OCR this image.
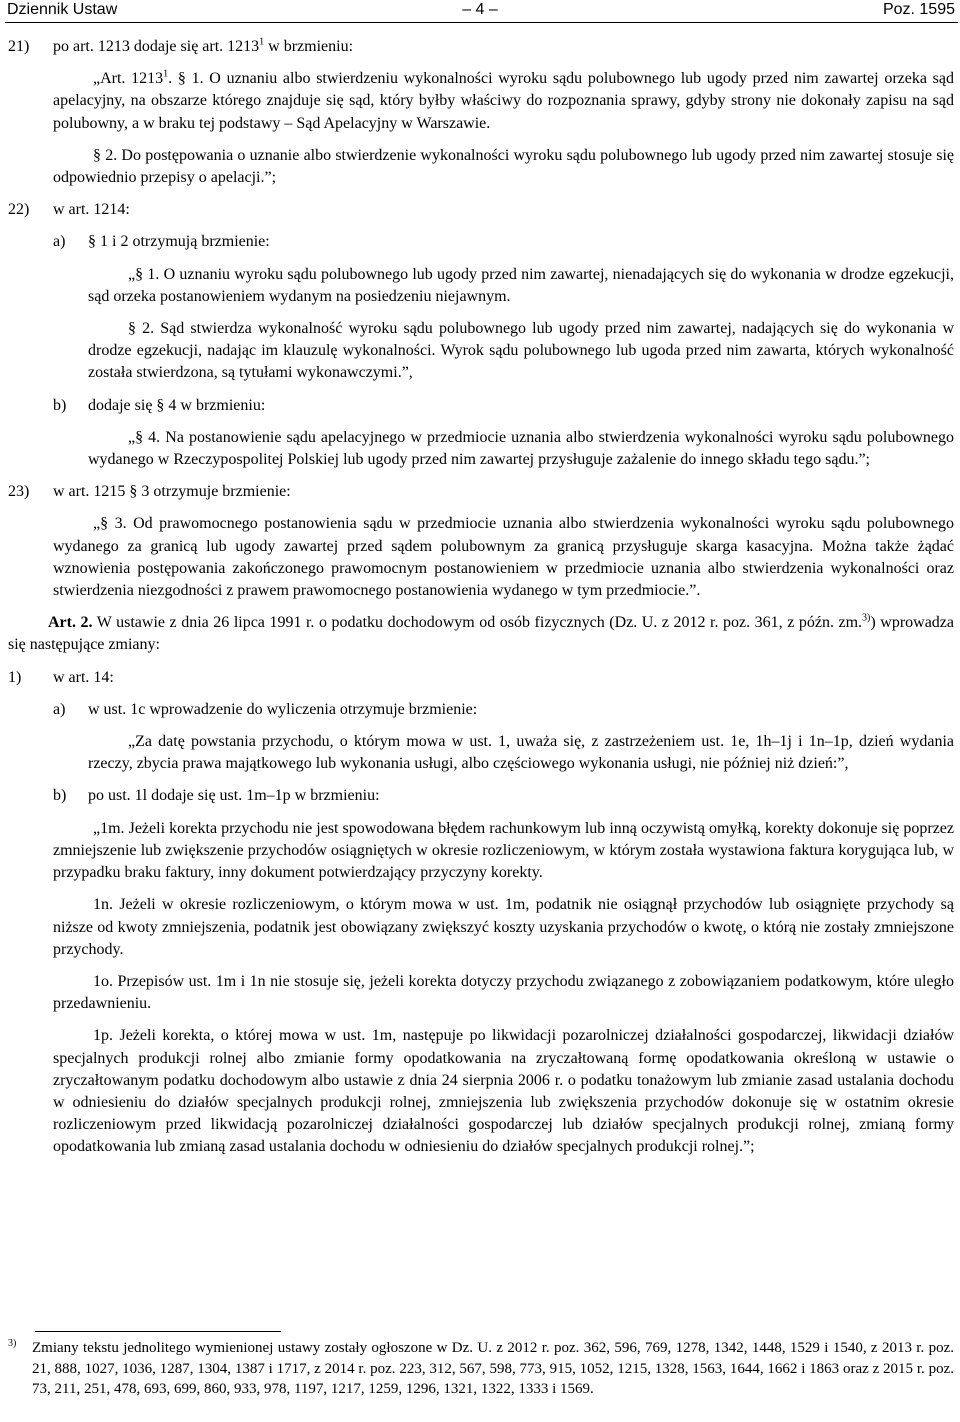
Dziennik Ustaw	– 4 –	Poz. 1595

21) po art. 1213 dodaje się art. 1213$^1$ w brzmieniu:

„Art. 1213$^1$. § 1. O uznaniu albo stwierdzeniu wykonalności wyroku sądu polubownego lub ugody przed nim zawartej orzeka sąd apelacyjny, na obszarze którego znajduje się sąd, który byłby właściwy do rozpoznania sprawy, gdyby strony nie dokonały zapisu na sąd polubowny, a w braku tej podstawy – Sąd Apelacyjny w Warszawie.

§ 2. Do postępowania o uznanie albo stwierdzenie wykonalności wyroku sądu polubownego lub ugody przed nim zawartej stosuje się odpowiednio przepisy o apelacji.”;

22) w art. 1214:

a) § 1 i 2 otrzymują brzmienie:

„§ 1. O uznaniu wyroku sądu polubownego lub ugody przed nim zawartej, nienadających się do wykonania w drodze egzekucji, sąd orzeka postanowieniem wydanym na posiedzeniu niejawnym.

§ 2. Sąd stwierdza wykonalność wyroku sądu polubownego lub ugody przed nim zawartej, nadających się do wykonania w drodze egzekucji, nadając im klauzulę wykonalności. Wyrok sądu polubownego lub ugoda przed nim zawarta, których wykonalność została stwierdzona, są tytułami wykonawczymi.”,

b) dodaje się § 4 w brzmieniu:

„§ 4. Na postanowienie sądu apelacyjnego w przedmiocie uznania albo stwierdzenia wykonalności wyroku sądu polubownego wydanego w Rzeczypospolitej Polskiej lub ugody przed nim zawartej przysługuje zażalenie do innego składu tego sądu.”;

23) w art. 1215 § 3 otrzymuje brzmienie:

„§ 3. Od prawomocnego postanowienia sądu w przedmiocie uznania albo stwierdzenia wykonalności wyroku sądu polubownego wydanego za granicą lub ugody zawartej przed sądem polubownym za granicą przysługuje skarga kasacyjna. Można także żądać wznowienia postępowania zakończonego prawomocnym postanowieniem w przedmiocie uznania albo stwierdzenia wykonalności oraz stwierdzenia niezgodności z prawem prawomocnego postanowienia wydanego w tym przedmiocie.”.

Art. 2. W ustawie z dnia 26 lipca 1991 r. o podatku dochodowym od osób fizycznych (Dz. U. z 2012 r. poz. 361, z późn. zm.$^{3)}$) wprowadza się następujące zmiany:

1) w art. 14:

a) w ust. 1c wprowadzenie do wyliczenia otrzymuje brzmienie:

„Za datę powstania przychodu, o którym mowa w ust. 1, uważa się, z zastrzeżeniem ust. 1e, 1h–1j i 1n–1p, dzień wydania rzeczy, zbycia prawa majątkowego lub wykonania usługi, albo częściowego wykonania usługi, nie później niż dzień:”,

b) po ust. 1l dodaje się ust. 1m–1p w brzmieniu:

„1m. Jeżeli korekta przychodu nie jest spowodowana błędem rachunkowym lub inną oczywistą omyłką, korekty dokonuje się poprzez zmniejszenie lub zwiększenie przychodów osiągniętych w okresie rozliczeniowym, w którym została wystawiona faktura korygująca lub, w przypadku braku faktury, inny dokument potwierdzający przyczyny korekty.

1n. Jeżeli w okresie rozliczeniowym, o którym mowa w ust. 1m, podatnik nie osiągnął przychodów lub osiągnięte przychody są niższe od kwoty zmniejszenia, podatnik jest obowiązany zwiększyć koszty uzyskania przychodów o kwotę, o którą nie zostały zmniejszone przychody.

1o. Przepisów ust. 1m i 1n nie stosuje się, jeżeli korekta dotyczy przychodu związanego z zobowiązaniem podatkowym, które uległo przedawnieniu.

1p. Jeżeli korekta, o której mowa w ust. 1m, następuje po likwidacji pozarolniczej działalności gospodarczej, likwidacji działów specjalnych produkcji rolnej albo zmianie formy opodatkowania na zryczałtowaną formę opodatkowania określoną w ustawie o zryczałtowanym podatku dochodowym albo ustawie z dnia 24 sierpnia 2006 r. o podatku tonażowym lub zmianie zasad ustalania dochodu w odniesieniu do działów specjalnych produkcji rolnej, zmniejszenia lub zwiększenia przychodów dokonuje się w ostatnim okresie rozliczeniowym przed likwidacją pozarolniczej działalności gospodarczej lub działów specjalnych produkcji rolnej, zmianą formy opodatkowania lub zmianą zasad ustalania dochodu w odniesieniu do działów specjalnych produkcji rolnej.”;

3)	Zmiany tekstu jednolitego wymienionej ustawy zostały ogłoszone w Dz. U. z 2012 r. poz. 362, 596, 769, 1278, 1342, 1448, 1529 i 1540, z 2013 r. poz. 21, 888, 1027, 1036, 1287, 1304, 1387 i 1717, z 2014 r. poz. 223, 312, 567, 598, 773, 915, 1052, 1215, 1328, 1563, 1644, 1662 i 1863 oraz z 2015 r. poz. 73, 211, 251, 478, 693, 699, 860, 933, 978, 1197, 1217, 1259, 1296, 1321, 1322, 1333 i 1569.
